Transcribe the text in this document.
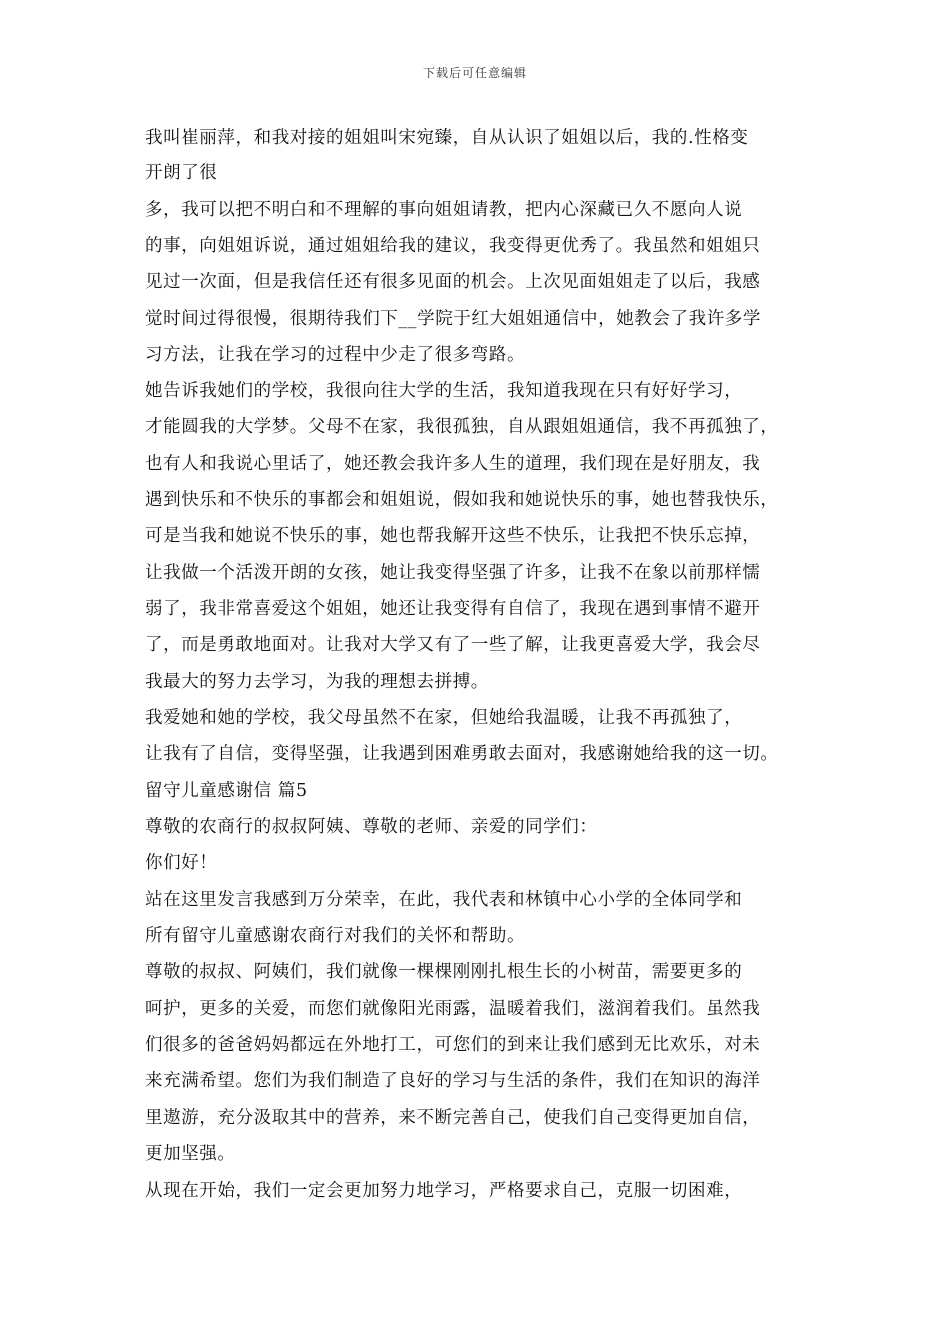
下载后可任意编辑
我叫崔丽萍，和我对接的姐姐叫宋宛臻，自从认识了姐姐以后，我的.性格变
开朗了很
多，我可以把不明白和不理解的事向姐姐请教，把内心深藏已久不愿向人说
的事，向姐姐诉说，通过姐姐给我的建议，我变得更优秀了。我虽然和姐姐只
见过一次面，但是我信任还有很多见面的机会。上次见面姐姐走了以后，我感
觉时间过得很慢，很期待我们下__学院于红大姐姐通信中，她教会了我许多学
习方法，让我在学习的过程中少走了很多弯路。
她告诉我她们的学校，我很向往大学的生活，我知道我现在只有好好学习，
才能圆我的大学梦。父母不在家，我很孤独，自从跟姐姐通信，我不再孤独了，
也有人和我说心里话了，她还教会我许多人生的道理，我们现在是好朋友，我
遇到快乐和不快乐的事都会和姐姐说，假如我和她说快乐的事，她也替我快乐，
可是当我和她说不快乐的事，她也帮我解开这些不快乐，让我把不快乐忘掉，
让我做一个活泼开朗的女孩，她让我变得坚强了许多，让我不在象以前那样懦
弱了，我非常喜爱这个姐姐，她还让我变得有自信了，我现在遇到事情不避开
了，而是勇敢地面对。让我对大学又有了一些了解，让我更喜爱大学，我会尽
我最大的努力去学习，为我的理想去拼搏。
我爱她和她的学校，我父母虽然不在家，但她给我温暖，让我不再孤独了，
让我有了自信，变得坚强，让我遇到困难勇敢去面对，我感谢她给我的这一切。
留守儿童感谢信 篇5
尊敬的农商行的叔叔阿姨、尊敬的老师、亲爱的同学们：
你们好！
站在这里发言我感到万分荣幸，在此，我代表和林镇中心小学的全体同学和
所有留守儿童感谢农商行对我们的关怀和帮助。
尊敬的叔叔、阿姨们，我们就像一棵棵刚刚扎根生长的小树苗，需要更多的
呵护，更多的关爱，而您们就像阳光雨露，温暖着我们，滋润着我们。虽然我
们很多的爸爸妈妈都远在外地打工，可您们的到来让我们感到无比欢乐，对未
来充满希望。您们为我们制造了良好的学习与生活的条件，我们在知识的海洋
里遨游，充分汲取其中的营养，来不断完善自己，使我们自己变得更加自信，
更加坚强。
从现在开始，我们一定会更加努力地学习，严格要求自己，克服一切困难，
